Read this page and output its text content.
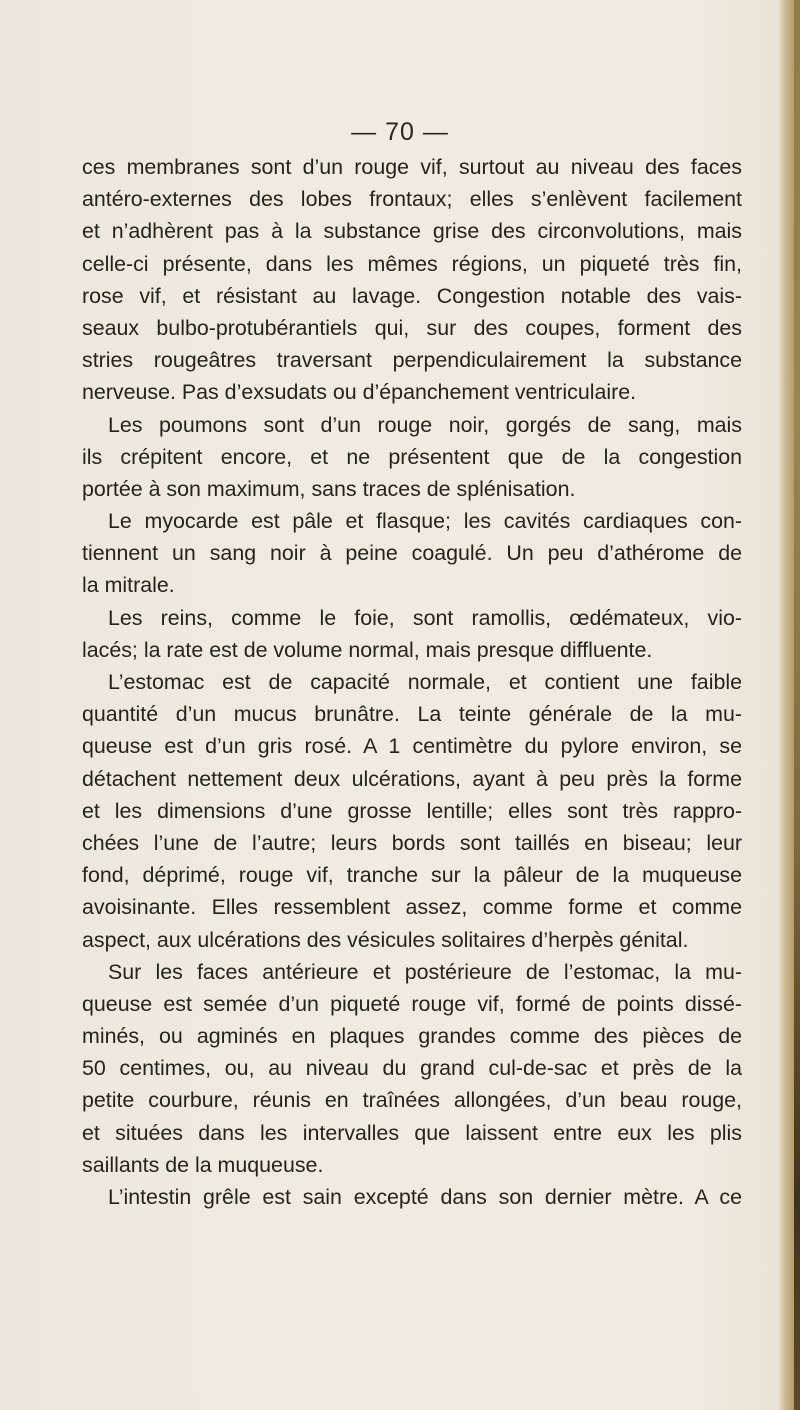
— 70 —
ces membranes sont d’un rouge vif, surtout au niveau des faces
antéro-externes des lobes frontaux; elles s’enlèvent facilement
et n’adhèrent pas à la substance grise des circonvolutions, mais
celle-ci présente, dans les mêmes régions, un piqueté très fin,
rose vif, et résistant au lavage. Congestion notable des vais-
seaux bulbo-protubérantiels qui, sur des coupes, forment des
stries rougeâtres traversant perpendiculairement la substance
nerveuse. Pas d’exsudats ou d’épanchement ventriculaire.
Les poumons sont d’un rouge noir, gorgés de sang, mais
ils crépitent encore, et ne présentent que de la congestion
portée à son maximum, sans traces de splénisation.
Le myocarde est pâle et flasque; les cavités cardiaques con-
tiennent un sang noir à peine coagulé. Un peu d’athérome de
la mitrale.
Les reins, comme le foie, sont ramollis, œdémateux, vio-
lacés; la rate est de volume normal, mais presque diffluente.
L’estomac est de capacité normale, et contient une faible
quantité d’un mucus brunâtre. La teinte générale de la mu-
queuse est d’un gris rosé. A 1 centimètre du pylore environ, se
détachent nettement deux ulcérations, ayant à peu près la forme
et les dimensions d’une grosse lentille; elles sont très rappro-
chées l’une de l’autre; leurs bords sont taillés en biseau; leur
fond, déprimé, rouge vif, tranche sur la pâleur de la muqueuse
avoisinante. Elles ressemblent assez, comme forme et comme
aspect, aux ulcérations des vésicules solitaires d’herpès génital.
Sur les faces antérieure et postérieure de l’estomac, la mu-
queuse est semée d’un piqueté rouge vif, formé de points dissé-
minés, ou agminés en plaques grandes comme des pièces de
50 centimes, ou, au niveau du grand cul-de-sac et près de la
petite courbure, réunis en traînées allongées, d’un beau rouge,
et situées dans les intervalles que laissent entre eux les plis
saillants de la muqueuse.
L’intestin grêle est sain excepté dans son dernier mètre. A ce
